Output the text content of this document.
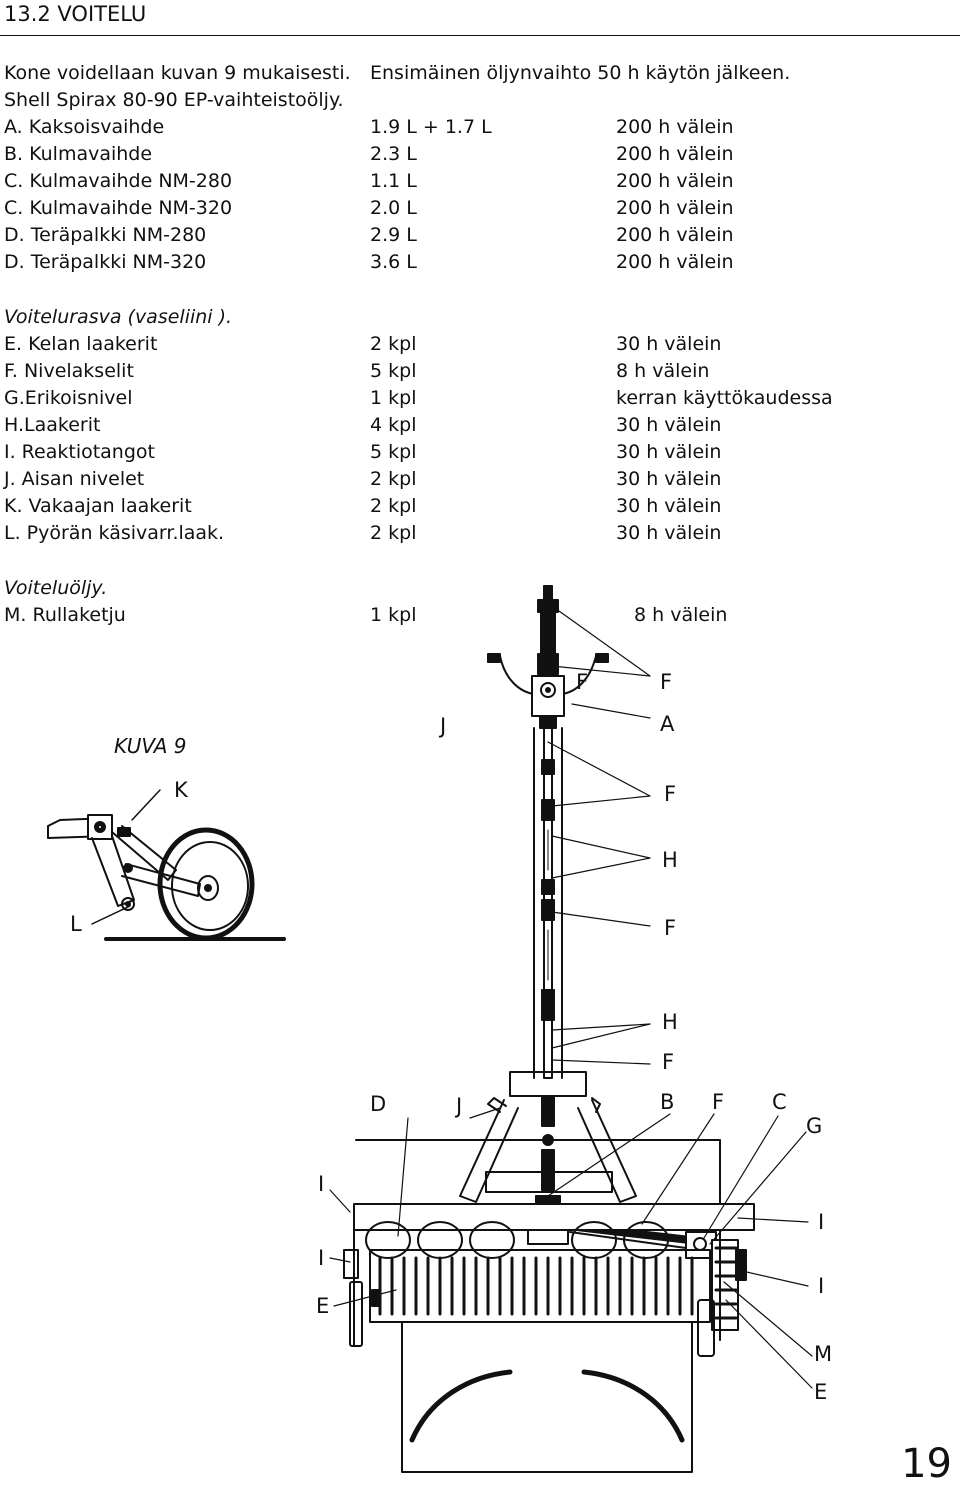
13.2 VOITELU
Kone voidellaan kuvan 9 mukaisesti.
Shell Spirax 80-90 EP-vaihteistoöljy.
Ensimäinen öljynvaihto 50 h käytön jälkeen.
A. Kaksoisvaihde	1.9 L + 1.7 L	200 h välein
B. Kulmavaihde	2.3 L	200 h välein
C. Kulmavaihde NM-280	1.1 L	200 h välein
C. Kulmavaihde NM-320	2.0 L	200 h välein
D. Teräpalkki NM-280	2.9 L	200 h välein
D. Teräpalkki NM-320	3.6 L	200 h välein
Voitelurasva (vaseliini ).
E. Kelan laakerit	2 kpl	30 h välein
F. Nivelakselit	5 kpl	8 h välein
G.Erikoisnivel	1 kpl	kerran käyttökaudessa
H.Laakerit	4 kpl	30 h välein
I. Reaktiotangot	5 kpl	30 h välein
J. Aisan nivelet	2 kpl	30 h välein
K. Vakaajan laakerit	2 kpl	30 h välein
L. Pyörän käsivarr.laak.	2 kpl	30 h välein
Voiteluöljy.
M. Rullaketju	1 kpl	8 h välein
KUVA 9
K
L
F	F
J	A
F
H
F
H
F
D	J	B F C
G
I
I
E
I
I
M
E
19
